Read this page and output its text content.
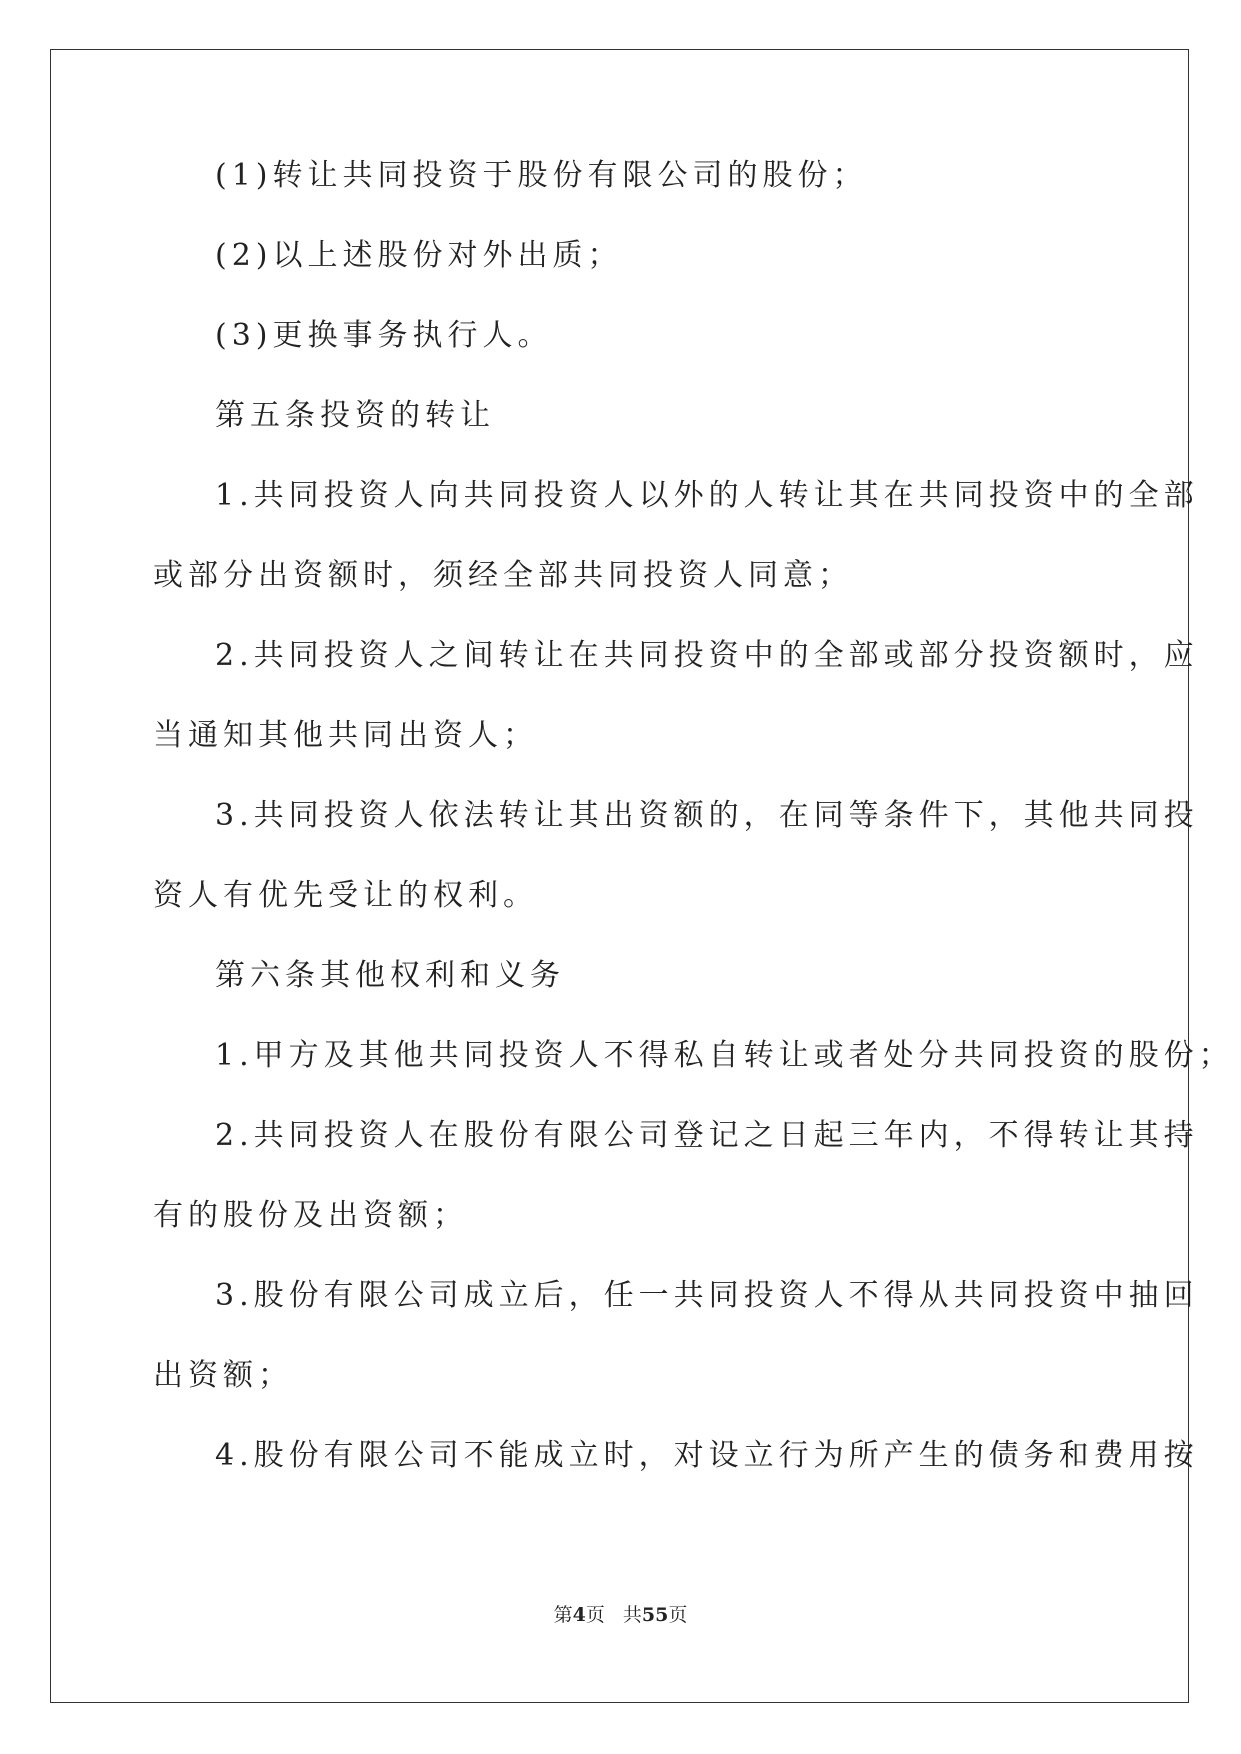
(1)转让共同投资于股份有限公司的股份；
(2)以上述股份对外出质；
(3)更换事务执行人。
第五条投资的转让
1.共同投资人向共同投资人以外的人转让其在共同投资中的全部
或部分出资额时，须经全部共同投资人同意；
2.共同投资人之间转让在共同投资中的全部或部分投资额时，应
当通知其他共同出资人；
3.共同投资人依法转让其出资额的，在同等条件下，其他共同投
资人有优先受让的权利。
第六条其他权利和义务
1.甲方及其他共同投资人不得私自转让或者处分共同投资的股份；
2.共同投资人在股份有限公司登记之日起三年内，不得转让其持
有的股份及出资额；
3.股份有限公司成立后，任一共同投资人不得从共同投资中抽回
出资额；
4.股份有限公司不能成立时，对设立行为所产生的债务和费用按
第4页 共55页
